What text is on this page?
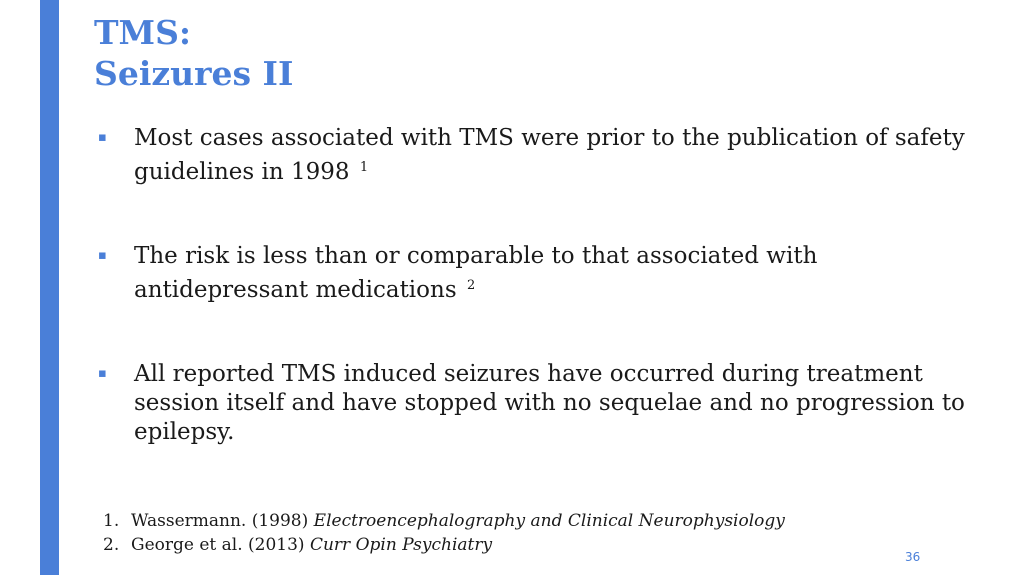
TMS:
Seizures II
▪ Most cases associated with TMS were prior to the publication of safety guidelines in 1998 $^1$
▪ The risk is less than or comparable to that associated with antidepressant medications $^2$
▪ All reported TMS induced seizures have occurred during treatment session itself and have stopped with no sequelae and no progression to epilepsy.
1. Wassermann. (1998) Electroencephalography and Clinical Neurophysiology
2. George et al. (2013) Curr Opin Psychiatry
36
